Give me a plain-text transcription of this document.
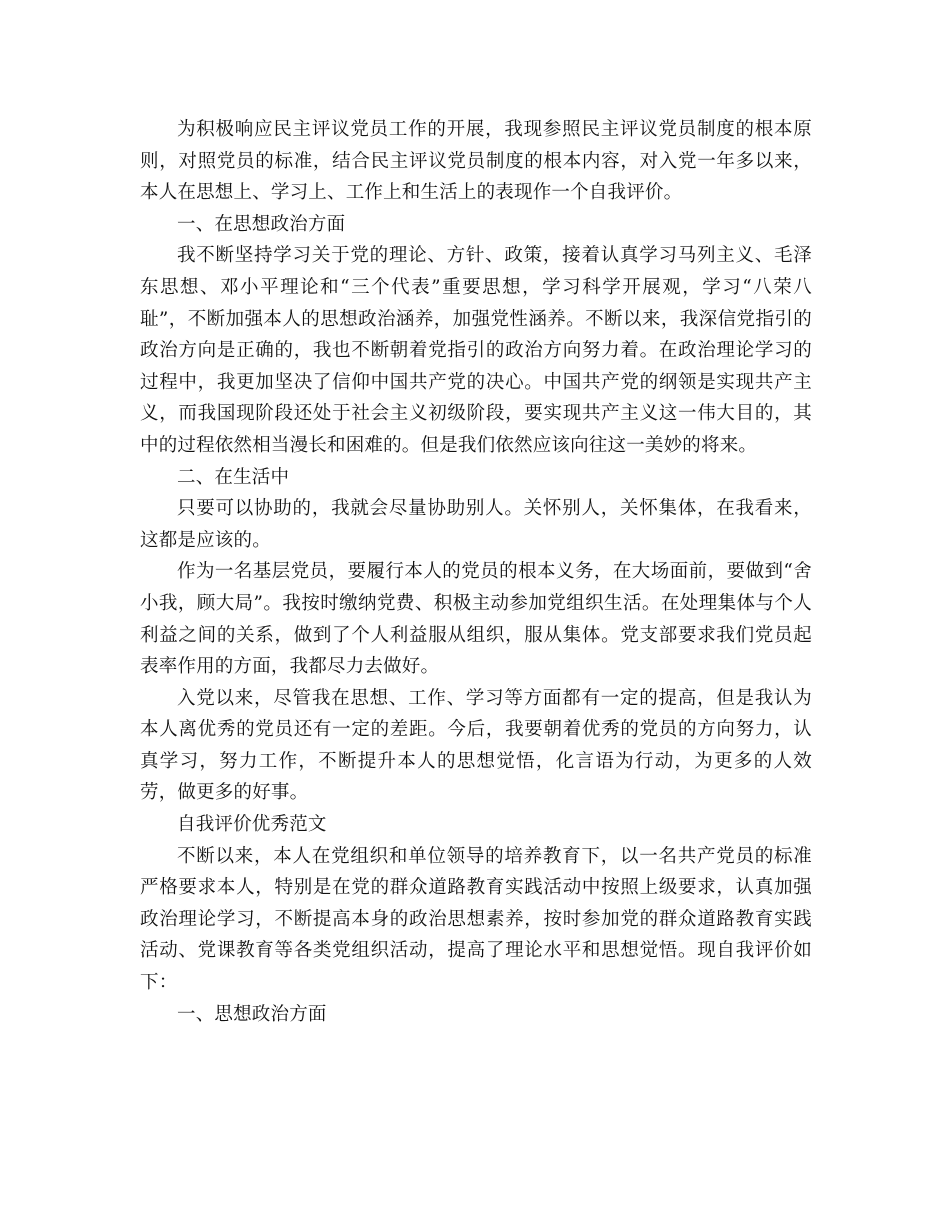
为积极响应民主评议党员工作的开展，我现参照民主评议党员制度的根本原则，对照党员的标准，结合民主评议党员制度的根本内容，对入党一年多以来，本人在思想上、学习上、工作上和生活上的表现作一个自我评价。

一、在思想政治方面

我不断坚持学习关于党的理论、方针、政策，接着认真学习马列主义、毛泽东思想、邓小平理论和“三个代表”重要思想，学习科学开展观，学习“八荣八耻”，不断加强本人的思想政治涵养，加强党性涵养。不断以来，我深信党指引的政治方向是正确的，我也不断朝着党指引的政治方向努力着。在政治理论学习的过程中，我更加坚决了信仰中国共产党的决心。中国共产党的纲领是实现共产主义，而我国现阶段还处于社会主义初级阶段，要实现共产主义这一伟大目的，其中的过程依然相当漫长和困难的。但是我们依然应该向往这一美妙的将来。

二、在生活中

只要可以协助的，我就会尽量协助别人。关怀别人，关怀集体，在我看来，这都是应该的。

作为一名基层党员，要履行本人的党员的根本义务，在大场面前，要做到“舍小我，顾大局”。我按时缴纳党费、积极主动参加党组织生活。在处理集体与个人利益之间的关系，做到了个人利益服从组织，服从集体。党支部要求我们党员起表率作用的方面，我都尽力去做好。

入党以来，尽管我在思想、工作、学习等方面都有一定的提高，但是我认为本人离优秀的党员还有一定的差距。今后，我要朝着优秀的党员的方向努力，认真学习，努力工作，不断提升本人的思想觉悟，化言语为行动，为更多的人效劳，做更多的好事。

自我评价优秀范文

不断以来，本人在党组织和单位领导的培养教育下，以一名共产党员的标准严格要求本人，特别是在党的群众道路教育实践活动中按照上级要求，认真加强政治理论学习，不断提高本身的政治思想素养，按时参加党的群众道路教育实践活动、党课教育等各类党组织活动，提高了理论水平和思想觉悟。现自我评价如下：

一、思想政治方面
